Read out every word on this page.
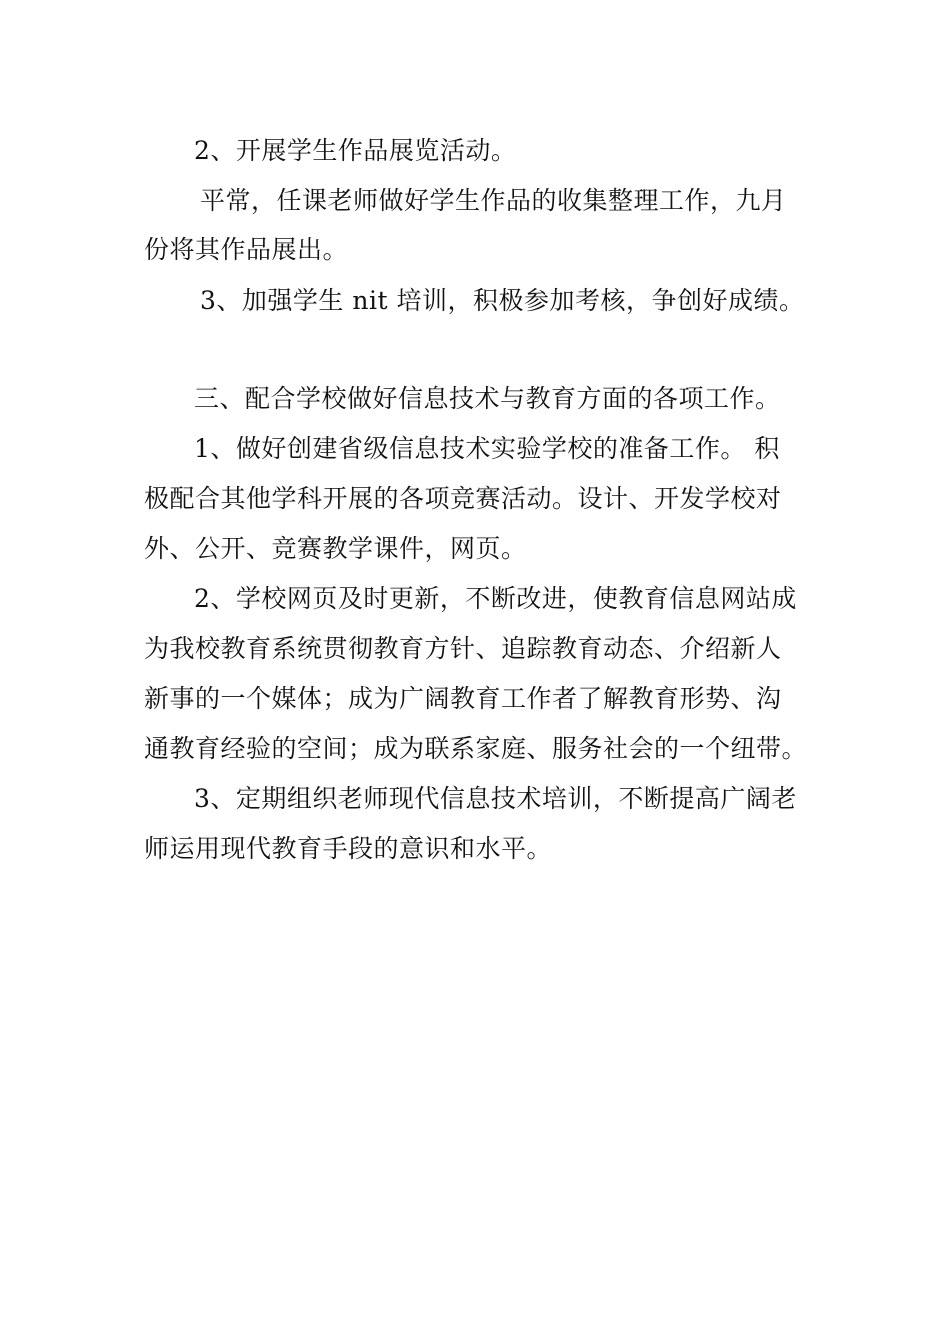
2、开展学生作品展览活动。
平常，任课老师做好学生作品的收集整理工作，九月
份将其作品展出。
3、加强学生 nit 培训，积极参加考核，争创好成绩。
三、配合学校做好信息技术与教育方面的各项工作。
1、做好创建省级信息技术实验学校的准备工作。 积
极配合其他学科开展的各项竞赛活动。设计、开发学校对
外、公开、竞赛教学课件，网页。
2、学校网页及时更新，不断改进，使教育信息网站成
为我校教育系统贯彻教育方针、追踪教育动态、介绍新人
新事的一个媒体；成为广阔教育工作者了解教育形势、沟
通教育经验的空间；成为联系家庭、服务社会的一个纽带。
3、定期组织老师现代信息技术培训，不断提高广阔老
师运用现代教育手段的意识和水平。
